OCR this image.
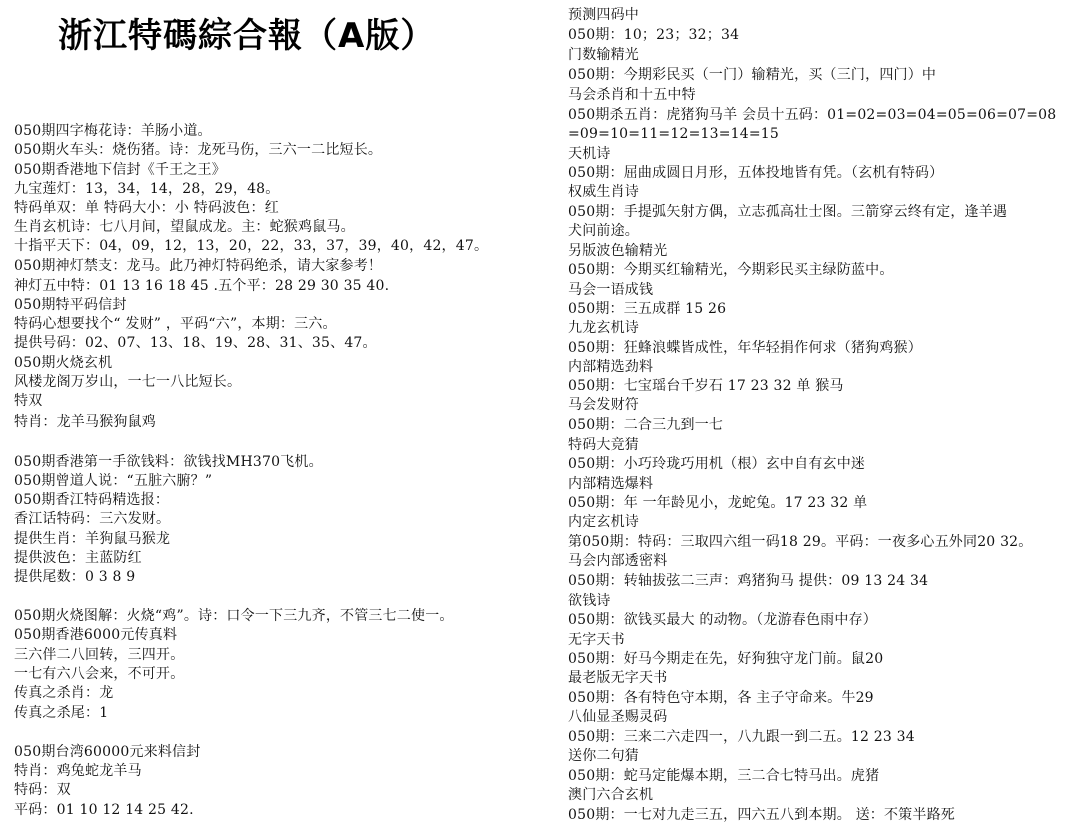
浙江特碼綜合報（A版）
050期四字梅花诗：羊肠小道。
050期火车头：烧伤猪。诗：龙死马伤，三六一二比短长。
050期香港地下信封《千王之王》
九宝莲灯：13，34，14，28，29，48。
特码单双：单 特码大小：小 特码波色：红
生肖玄机诗：七八月间，望鼠成龙。主：蛇猴鸡鼠马。
十指平天下：04，09，12，13，20，22，33，37，39，40，42，47。
050期神灯禁支：龙马。此乃神灯特码绝杀，请大家参考！
神灯五中特：01 13 16 18 45 .五个平：28 29 30 35 40.
050期特平码信封
特码心想要找个“ 发财” ，平码“六”，本期：三六。
提供号码：02、07、13、18、19、28、31、35、47。
050期火烧玄机
风楼龙阁万岁山，一七一八比短长。
特双
特肖：龙羊马猴狗鼠鸡
050期香港第一手欲钱料：欲钱找MH370飞机。
050期曾道人说：“五脏六腑？”
050期香江特码精选报：
香江话特码：三六发财。
提供生肖：羊狗鼠马猴龙
提供波色：主蓝防红
提供尾数：0 3 8 9
050期火烧图解：火烧“鸡”。诗：口令一下三九齐，不管三七二使一。
050期香港6000元传真料
三六伴二八回转，三四开。
一七有六八会来，不可开。
传真之杀肖：龙
传真之杀尾：1
050期台湾60000元来料信封
特肖：鸡兔蛇龙羊马
特码：双
平码：01 10 12 14 25 42.
预测四码中
050期：10；23；32；34
门数输精光
050期：今期彩民买（一门）输精光，买（三门，四门）中
马会杀肖和十五中特
050期杀五肖：虎猪狗马羊 会员十五码：01=02=03=04=05=06=07=08
=09=10=11=12=13=14=15
天机诗
050期：屈曲成圆日月形，五体投地皆有凭。（玄机有特码）
权威生肖诗
050期：手提弧矢射方偶，立志孤高壮士图。三箭穿云终有定，逢羊遇
犬问前途。
另版波色输精光
050期：今期买红输精光，今期彩民买主绿防蓝中。
马会一语成钱
050期：三五成群 15 26
九龙玄机诗
050期：狂蜂浪蝶皆成性，年华轻捐作何求（猪狗鸡猴）
内部精选劲料
050期：七宝瑶台千岁石 17 23 32 单 猴马
马会发财符
050期：二合三九到一七
特码大竞猜
050期：小巧玲珑巧用机（根）玄中自有玄中迷
内部精选爆料
050期：年 一年龄见小，龙蛇兔。17 23 32 单
内定玄机诗
第050期：特码：三取四六组一码18 29。平码：一夜多心五外同20 32。
马会内部透密料
050期：转轴拔弦二三声：鸡猪狗马 提供：09 13 24 34
欲钱诗
050期：欲钱买最大 的动物。（龙游春色雨中存）
无字天书
050期：好马今期走在先，好狗独守龙门前。鼠20
最老版无字天书
050期：各有特色守本期，各 主子守命来。牛29
八仙显圣赐灵码
050期：三来二六走四一，八九跟一到二五。12 23 34
送你二句猜
050期：蛇马定能爆本期，三二合七特马出。虎猪
澳门六合玄机
050期：一七对九走三五，四六五八到本期。 送：不策半路死
